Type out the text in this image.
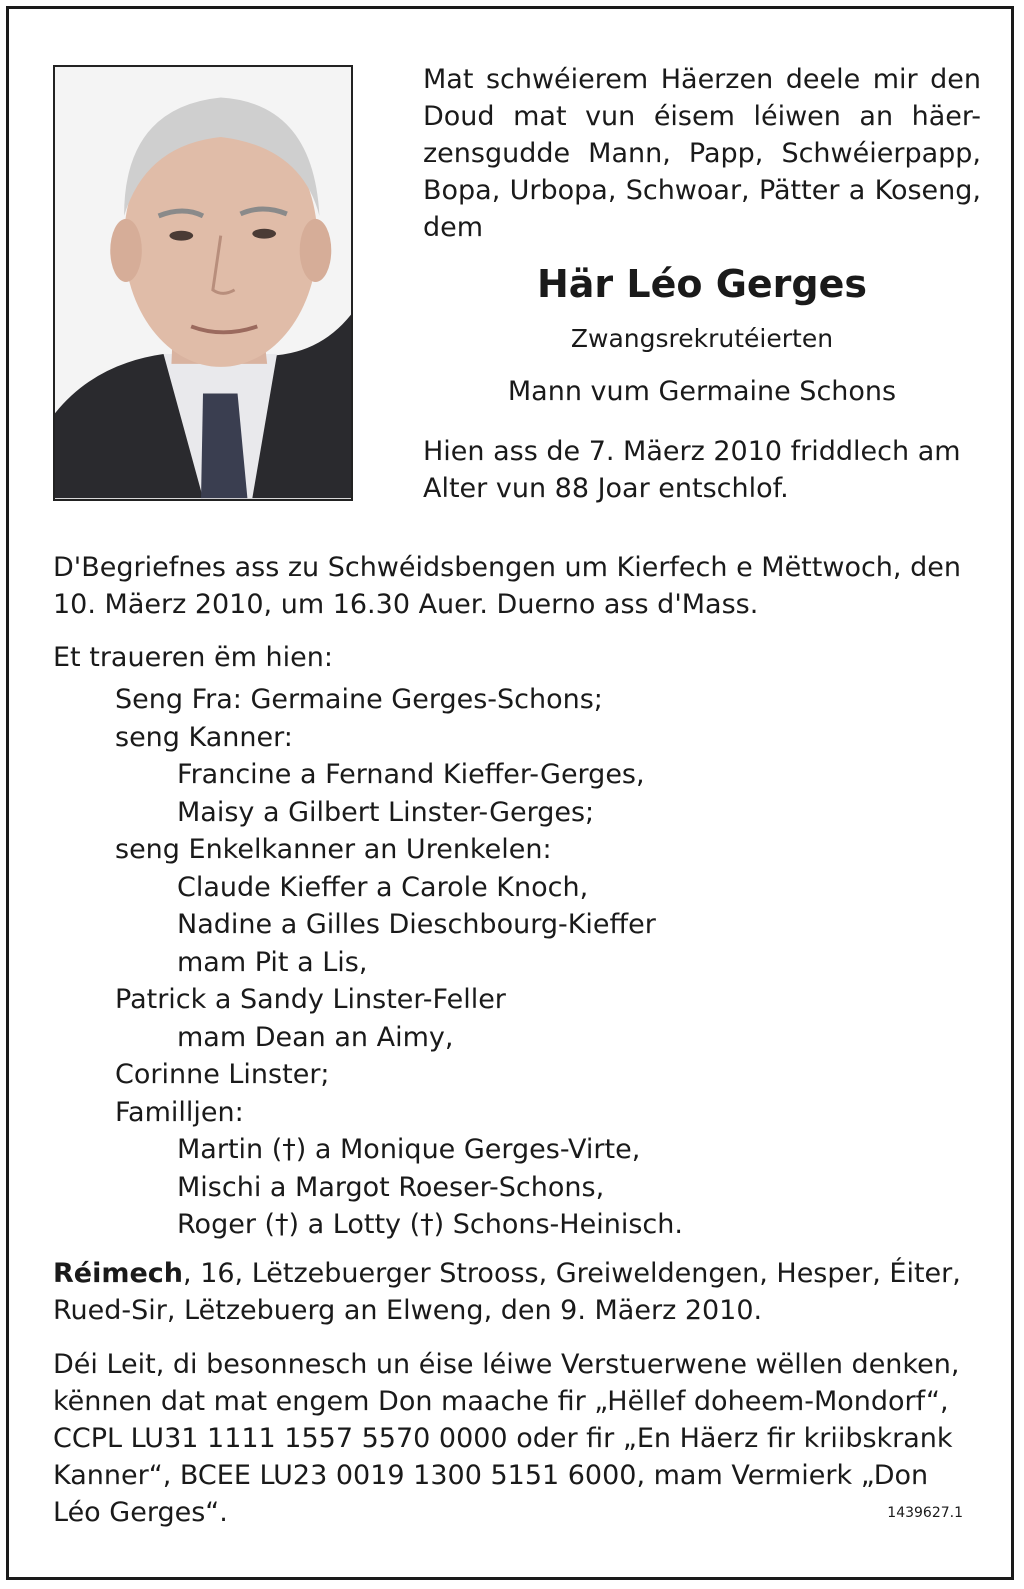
Mat schwéierem Häerzen deele mir den Doud mat vun éisem léiwen an häer-zensgudde Mann, Papp, Schwéierpapp, Bopa, Urbopa, Schwoar, Pätter a Koseng, dem
Här Léo Gerges
Zwangsrekrutéierten
Mann vum Germaine Schons
Hien ass de 7. Mäerz 2010 friddlech am Alter vun 88 Joar entschlof.
D'Begriefnes ass zu Schwéidsbengen um Kierfech e Mëttwoch, den 10. Mäerz 2010, um 16.30 Auer. Duerno ass d'Mass.
Et traueren ëm hien:
Seng Fra: Germaine Gerges-Schons;
seng Kanner:
Francine a Fernand Kieffer-Gerges,
Maisy a Gilbert Linster-Gerges;
seng Enkelkanner an Urenkelen:
Claude Kieffer a Carole Knoch,
Nadine a Gilles Dieschbourg-Kieffer
mam Pit a Lis,
Patrick a Sandy Linster-Feller
mam Dean an Aimy,
Corinne Linster;
Familljen:
Martin (†) a Monique Gerges-Virte,
Mischi a Margot Roeser-Schons,
Roger (†) a Lotty (†) Schons-Heinisch.
Réimech, 16, Lëtzebuerger Strooss, Greiweldengen, Hesper, Éiter, Rued-Sir, Lëtzebuerg an Elweng, den 9. Mäerz 2010.
Déi Leit, di besonnesch un éise léiwe Verstuerwene wëllen denken, kënnen dat mat engem Don maache fir „Hëllef doheem-Mondorf“, CCPL LU31 1111 1557 5570 0000 oder fir „En Häerz fir kriibskrank Kanner“, BCEE LU23 0019 1300 5151 6000, mam Vermierk „Don Léo Gerges“.	1439627.1
